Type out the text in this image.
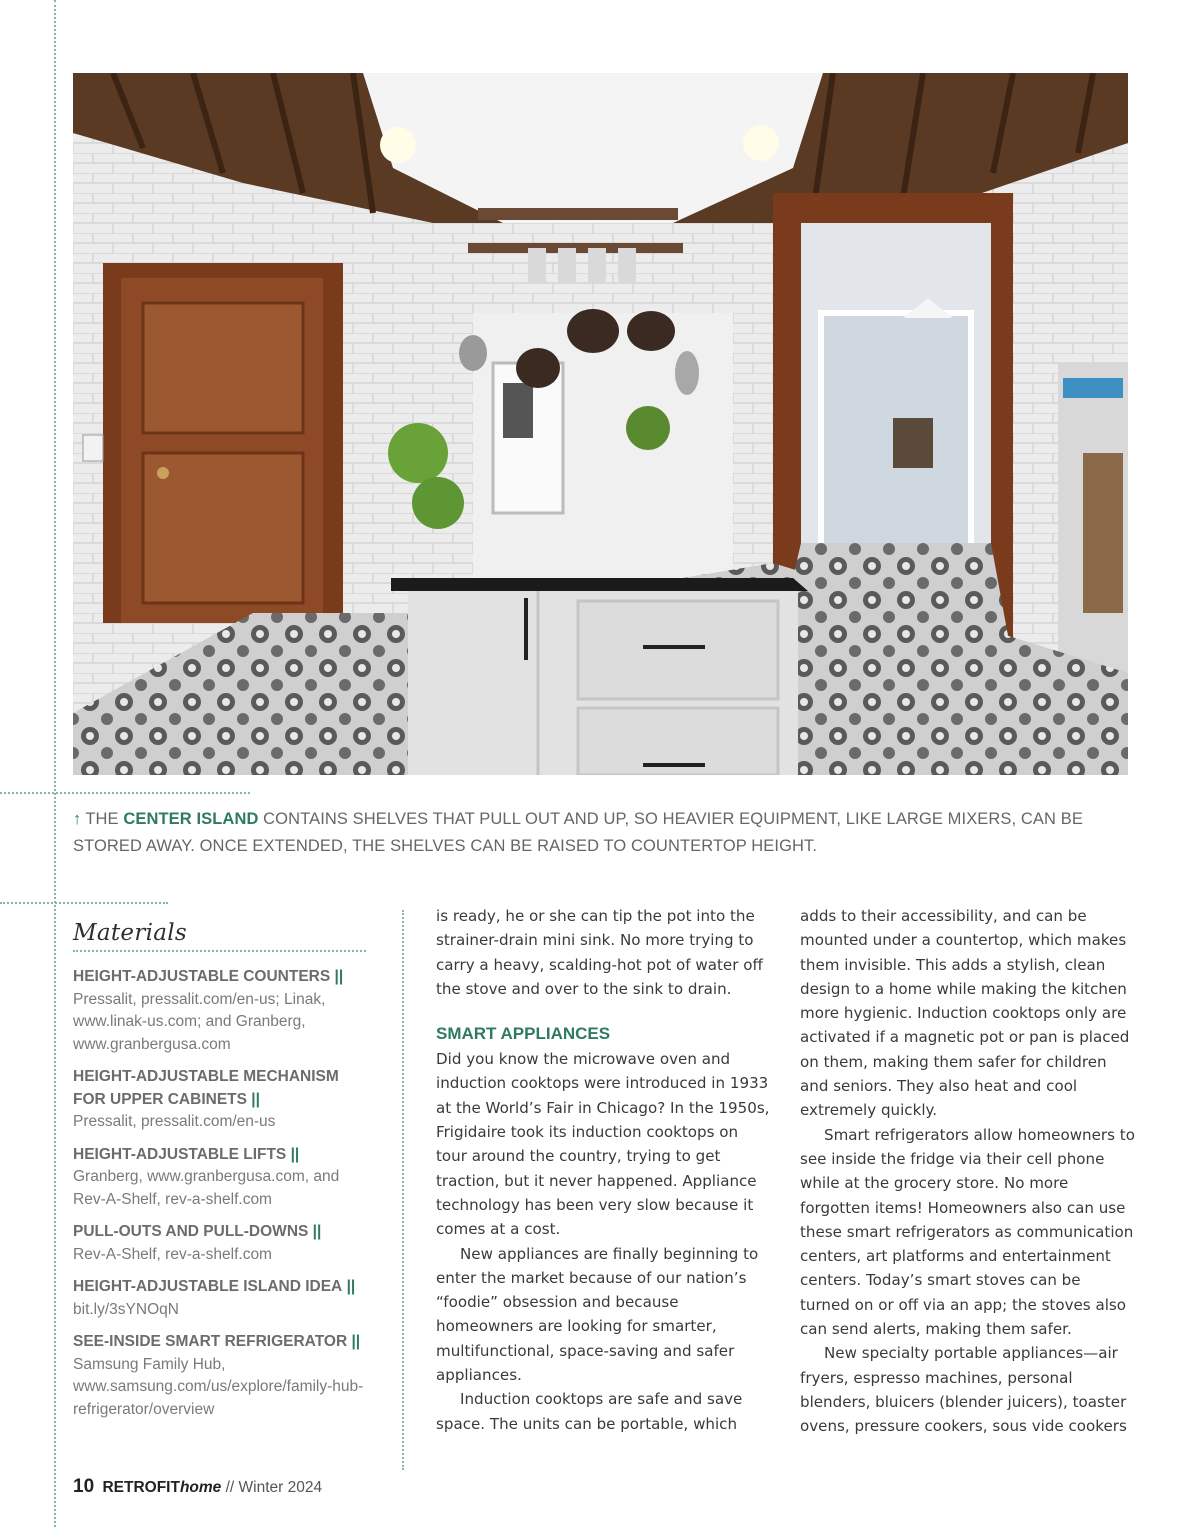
↑ THE CENTER ISLAND CONTAINS SHELVES THAT PULL OUT AND UP, SO HEAVIER EQUIPMENT, LIKE LARGE MIXERS, CAN BE STORED AWAY. ONCE EXTENDED, THE SHELVES CAN BE RAISED TO COUNTERTOP HEIGHT.
Materials
HEIGHT-ADJUSTABLE COUNTERS ||
Pressalit, pressalit.com/en-us; Linak, www.linak-us.com; and Granberg, www.granbergusa.com
HEIGHT-ADJUSTABLE MECHANISM FOR UPPER CABINETS ||
Pressalit, pressalit.com/en-us
HEIGHT-ADJUSTABLE LIFTS || Granberg, www.granbergusa.com, and Rev-A-Shelf, rev-a-shelf.com
PULL-OUTS AND PULL-DOWNS ||
Rev-A-Shelf, rev-a-shelf.com
HEIGHT-ADJUSTABLE ISLAND IDEA ||
bit.ly/3sYNOqN
SEE-INSIDE SMART REFRIGERATOR || Samsung Family Hub, www.samsung.com/us/explore/family-hub-refrigerator/overview

is ready, he or she can tip the pot into the strainer-drain mini sink. No more trying to carry a heavy, scalding-hot pot of water off the stove and over to the sink to drain.

SMART APPLIANCES

Did you know the microwave oven and induction cooktops were introduced in 1933 at the World’s Fair in Chicago? In the 1950s, Frigidaire took its induction cooktops on tour around the country, trying to get traction, but it never happened. Appliance technology has been very slow because it comes at a cost.

New appliances are finally beginning to enter the market because of our nation’s “foodie” obsession and because homeowners are looking for smarter, multifunctional, space-saving and safer appliances.

Induction cooktops are safe and save space. The units can be portable, which

adds to their accessibility, and can be mounted under a countertop, which makes them invisible. This adds a stylish, clean design to a home while making the kitchen more hygienic. Induction cooktops only are activated if a magnetic pot or pan is placed on them, making them safer for children and seniors. They also heat and cool extremely quickly.

Smart refrigerators allow homeowners to see inside the fridge via their cell phone while at the grocery store. No more forgotten items! Homeowners also can use these smart refrigerators as communication centers, art platforms and entertainment centers. Today’s smart stoves can be turned on or off via an app; the stoves also can send alerts, making them safer.

New specialty portable appliances—air fryers, espresso machines, personal blenders, bluicers (blender juicers), toaster ovens, pressure cookers, sous vide cookers

10 RETROFIThome // Winter 2024
